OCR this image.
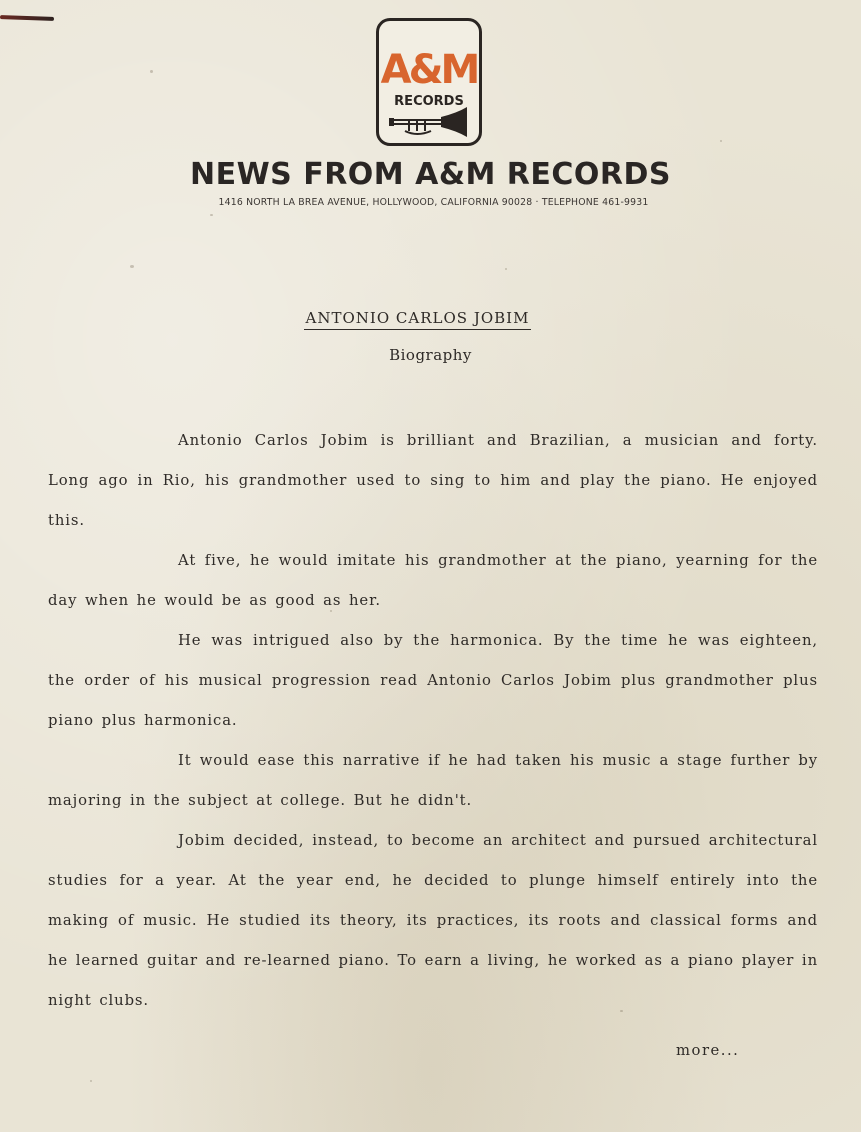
A&M
RECORDS
NEWS FROM A&M RECORDS
1416 NORTH LA BREA AVENUE, HOLLYWOOD, CALIFORNIA 90028 · TELEPHONE 461-9931
ANTONIO CARLOS JOBIM
Biography

Antonio Carlos Jobim is brilliant and Brazilian, a musician and forty. Long ago in Rio, his grandmother used to sing to him and play the piano. He enjoyed this.

At five, he would imitate his grandmother at the piano, yearning for the day when he would be as good as her.

He was intrigued also by the harmonica. By the time he was eighteen, the order of his musical progression read Antonio Carlos Jobim plus grandmother plus piano plus harmonica.

It would ease this narrative if he had taken his music a stage further by majoring in the subject at college. But he didn't.

Jobim decided, instead, to become an architect and pursued architectural studies for a year. At the year end, he decided to plunge himself entirely into the making of music. He studied its theory, its practices, its roots and classical forms and he learned guitar and re-learned piano. To earn a living, he worked as a piano player in night clubs.

more...
